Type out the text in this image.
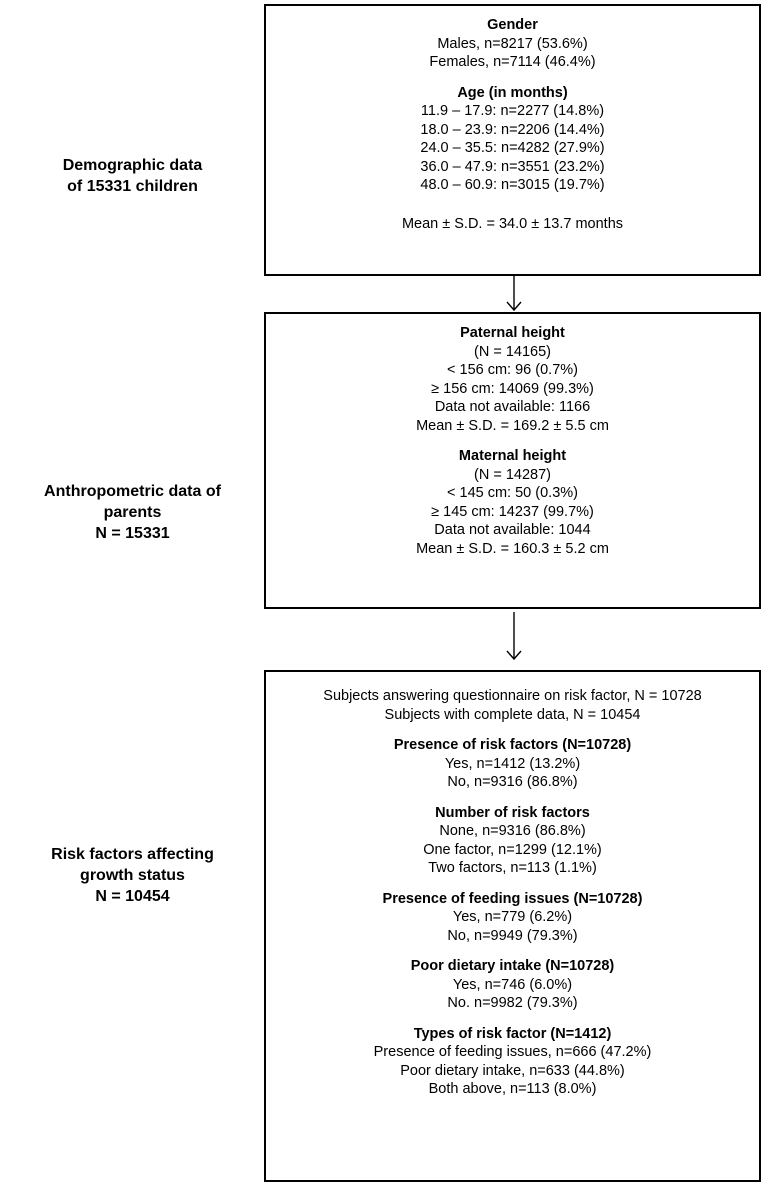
Demographic data
of 15331 children
Anthropometric data of
parents
N = 15331
Risk factors affecting
growth status
N = 10454
Gender
Males, n=8217 (53.6%)
Females, n=7114 (46.4%)
Age (in months)
11.9 – 17.9: n=2277 (14.8%)
18.0 – 23.9: n=2206 (14.4%)
24.0 – 35.5: n=4282 (27.9%)
36.0 – 47.9: n=3551 (23.2%)
48.0 – 60.9: n=3015 (19.7%)
Mean ± S.D. = 34.0 ± 13.7 months
Paternal height
(N = 14165)
< 156 cm: 96 (0.7%)
≥ 156 cm: 14069 (99.3%)
Data not available: 1166
Mean ± S.D. = 169.2 ± 5.5 cm
Maternal height
(N = 14287)
< 145 cm: 50 (0.3%)
≥ 145 cm: 14237 (99.7%)
Data not available: 1044
Mean ± S.D. = 160.3 ± 5.2 cm
Subjects answering questionnaire on risk factor, N = 10728
Subjects with complete data, N = 10454
Presence of risk factors (N=10728)
Yes, n=1412 (13.2%)
No, n=9316 (86.8%)
Number of risk factors
None, n=9316 (86.8%)
One factor, n=1299 (12.1%)
Two factors, n=113 (1.1%)
Presence of feeding issues (N=10728)
Yes, n=779 (6.2%)
No, n=9949 (79.3%)
Poor dietary intake (N=10728)
Yes, n=746 (6.0%)
No. n=9982 (79.3%)
Types of risk factor (N=1412)
Presence of feeding issues, n=666 (47.2%)
Poor dietary intake, n=633 (44.8%)
Both above, n=113 (8.0%)
